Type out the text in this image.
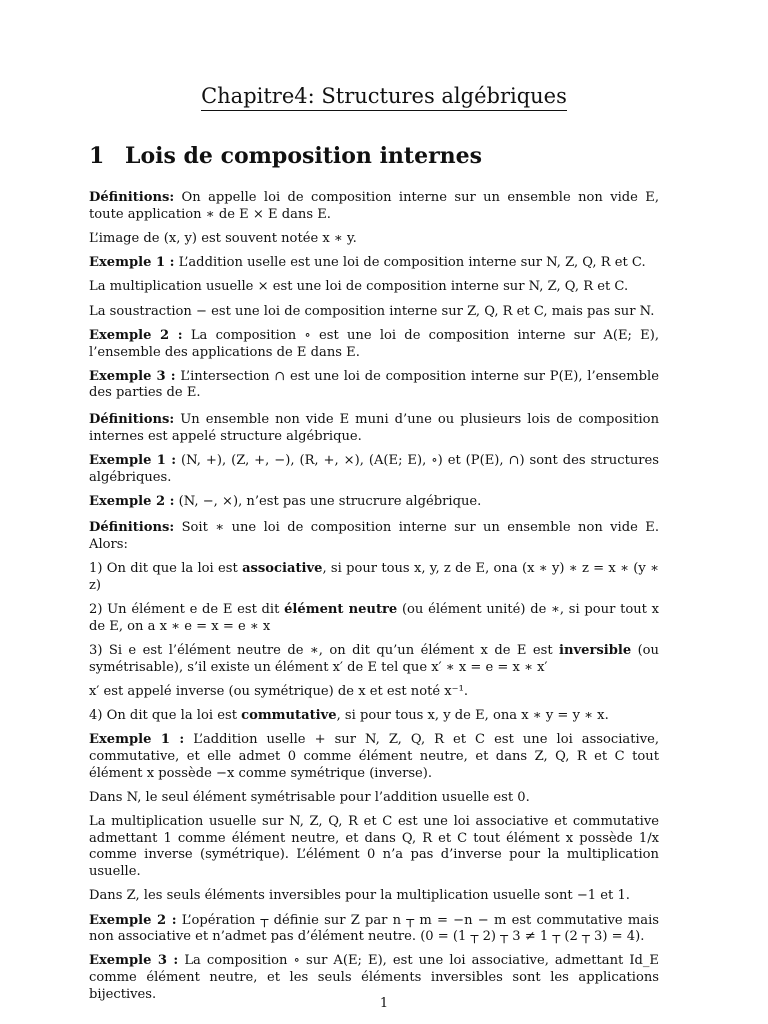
Chapitre4: Structures algébriques
1 Lois de composition internes

Définitions: On appelle loi de composition interne sur un ensemble non vide E, toute application ∗ de E × E dans E.

L’image de (x, y) est souvent notée x ∗ y.

Exemple 1 : L’addition uselle est une loi de composition interne sur N, Z, Q, R et C.

La multiplication usuelle × est une loi de composition interne sur N, Z, Q, R et C.

La soustraction − est une loi de composition interne sur Z, Q, R et C, mais pas sur N.

Exemple 2 : La composition ∘ est une loi de composition interne sur A(E; E), l’ensemble des applications de E dans E.

Exemple 3 : L’intersection ∩ est une loi de composition interne sur P(E), l’ensemble des parties de E.

Définitions: Un ensemble non vide E muni d’une ou plusieurs lois de composition internes est appelé structure algébrique.

Exemple 1 : (N, +), (Z, +, −), (R, +, ×), (A(E; E), ∘) et (P(E), ∩) sont des structures algébriques.

Exemple 2 : (N, −, ×), n’est pas une strucrure algébrique.

Définitions: Soit ∗ une loi de composition interne sur un ensemble non vide E. Alors:

1) On dit que la loi est associative, si pour tous x, y, z de E, ona (x ∗ y) ∗ z = x ∗ (y ∗ z)

2) Un élément e de E est dit élément neutre (ou élément unité) de ∗, si pour tout x de E, on a x ∗ e = x = e ∗ x

3) Si e est l’élément neutre de ∗, on dit qu’un élément x de E est inversible (ou symétrisable), s’il existe un élément x′ de E tel que x′ ∗ x = e = x ∗ x′

x′ est appelé inverse (ou symétrique) de x et est noté x⁻¹.

4) On dit que la loi est commutative, si pour tous x, y de E, ona x ∗ y = y ∗ x.

Exemple 1 : L’addition uselle + sur N, Z, Q, R et C est une loi associative, commutative, et elle admet 0 comme élément neutre, et dans Z, Q, R et C tout élément x possède −x comme symétrique (inverse).

Dans N, le seul élément symétrisable pour l’addition usuelle est 0.

La multiplication usuelle sur N, Z, Q, R et C est une loi associative et commutative admettant 1 comme élément neutre, et dans Q, R et C tout élément x possède 1/x comme inverse (symétrique). L’élément 0 n’a pas d’inverse pour la multiplication usuelle.

Dans Z, les seuls éléments inversibles pour la multiplication usuelle sont −1 et 1.

Exemple 2 : L’opération ┬ définie sur Z par n ┬ m = −n − m est commutative mais non associative et n’admet pas d’élément neutre. (0 = (1 ┬ 2) ┬ 3 ≠ 1 ┬ (2 ┬ 3) = 4).

Exemple 3 : La composition ∘ sur A(E; E), est une loi associative, admettant Id_E comme élément neutre, et les seuls éléments inversibles sont les applications bijectives.

1
